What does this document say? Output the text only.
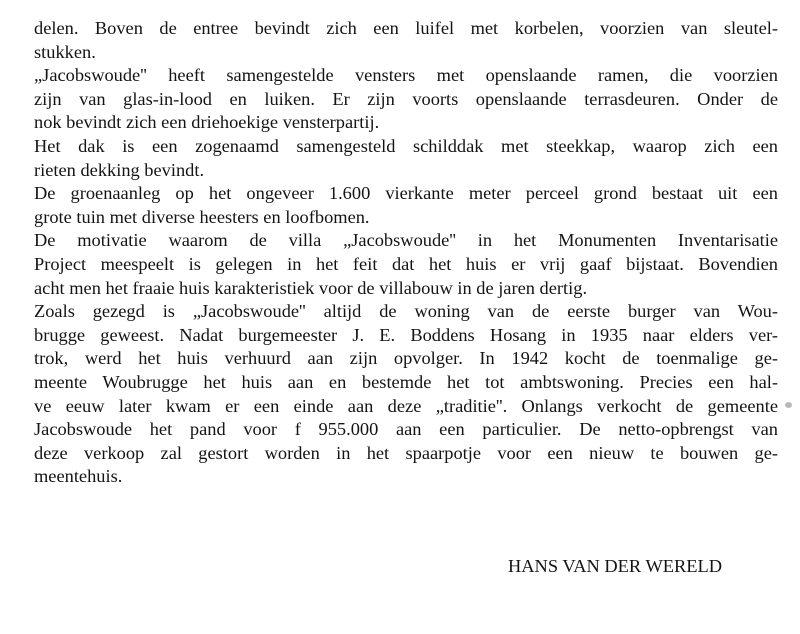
delen. Boven de entree bevindt zich een luifel met korbelen, voorzien van sleutel-
stukken.

„Jacobswoude'' heeft samengestelde vensters met openslaande ramen, die voorzien
zijn van glas-in-lood en luiken. Er zijn voorts openslaande terrasdeuren. Onder de
nok bevindt zich een driehoekige vensterpartij.

Het dak is een zogenaamd samengesteld schilddak met steekkap, waarop zich een
rieten dekking bevindt.

De groenaanleg op het ongeveer 1.600 vierkante meter perceel grond bestaat uit een
grote tuin met diverse heesters en loofbomen.

De motivatie waarom de villa „Jacobswoude'' in het Monumenten Inventarisatie
Project meespeelt is gelegen in het feit dat het huis er vrij gaaf bijstaat. Bovendien
acht men het fraaie huis karakteristiek voor de villabouw in de jaren dertig.

Zoals gezegd is „Jacobswoude'' altijd de woning van de eerste burger van Wou-
brugge geweest. Nadat burgemeester J. E. Boddens Hosang in 1935 naar elders ver-
trok, werd het huis verhuurd aan zijn opvolger. In 1942 kocht de toenmalige ge-
meente Woubrugge het huis aan en bestemde het tot ambtswoning. Precies een hal-
ve eeuw later kwam er een einde aan deze „traditie''. Onlangs verkocht de gemeente
Jacobswoude het pand voor f 955.000 aan een particulier. De netto-opbrengst van
deze verkoop zal gestort worden in het spaarpotje voor een nieuw te bouwen ge-
meentehuis.

HANS VAN DER WERELD
